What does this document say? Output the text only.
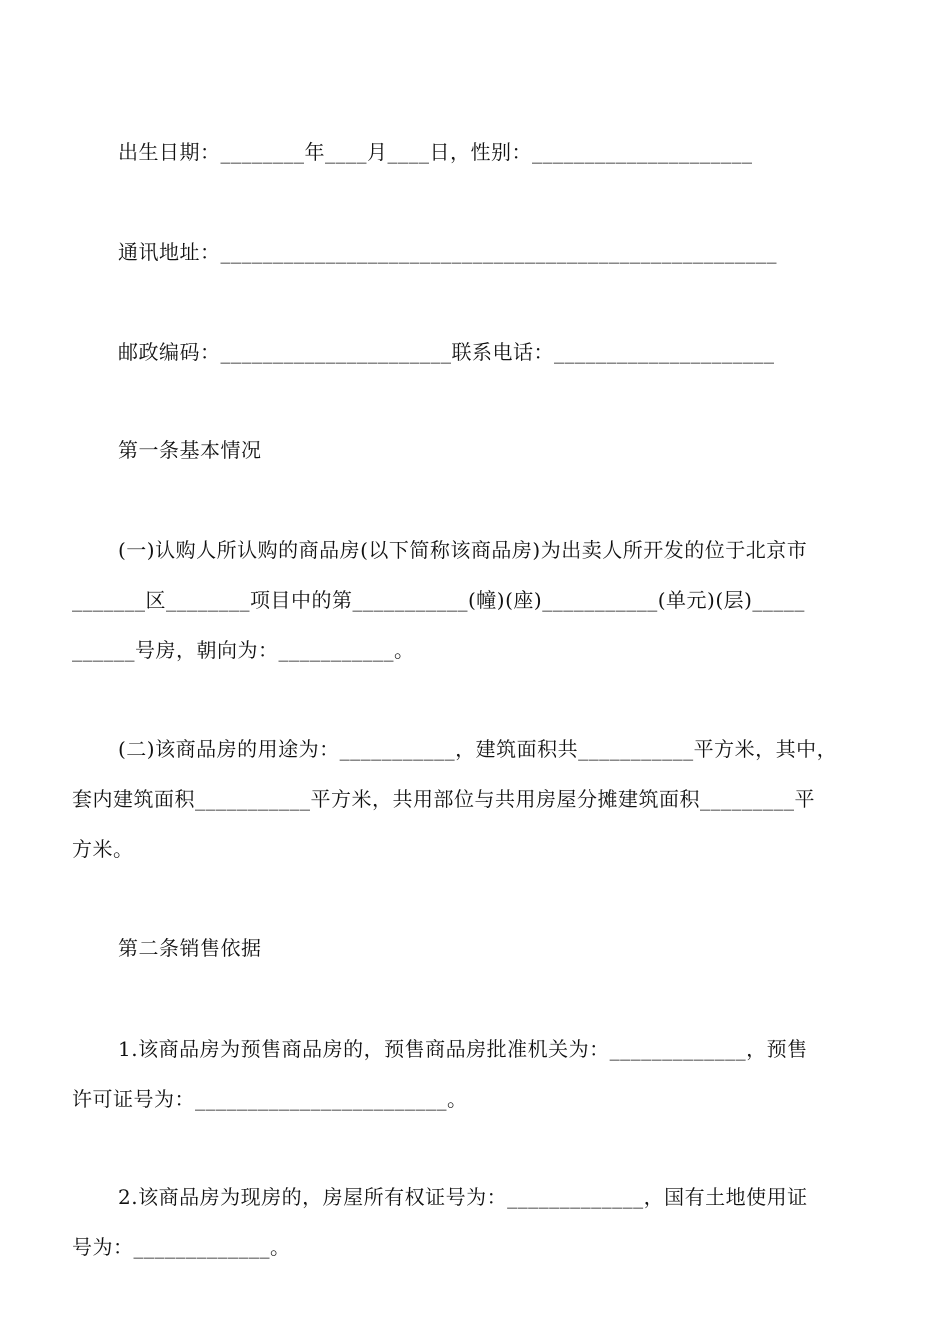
出生日期：________年____月____日，性别：_____________________
通讯地址：_____________________________________________________
邮政编码：______________________联系电话：_____________________
第一条基本情况
(一)认购人所认购的商品房(以下简称该商品房)为出卖人所开发的位于北京市
_______区________项目中的第___________(幢)(座)___________(单元)(层)_____
______号房，朝向为：___________。
(二)该商品房的用途为：___________，建筑面积共___________平方米，其中，
套内建筑面积___________平方米，共用部位与共用房屋分摊建筑面积_________平
方米。
第二条销售依据
1.该商品房为预售商品房的，预售商品房批准机关为：_____________，预售
许可证号为：________________________。
2.该商品房为现房的，房屋所有权证号为：_____________，国有土地使用证
号为：_____________。
